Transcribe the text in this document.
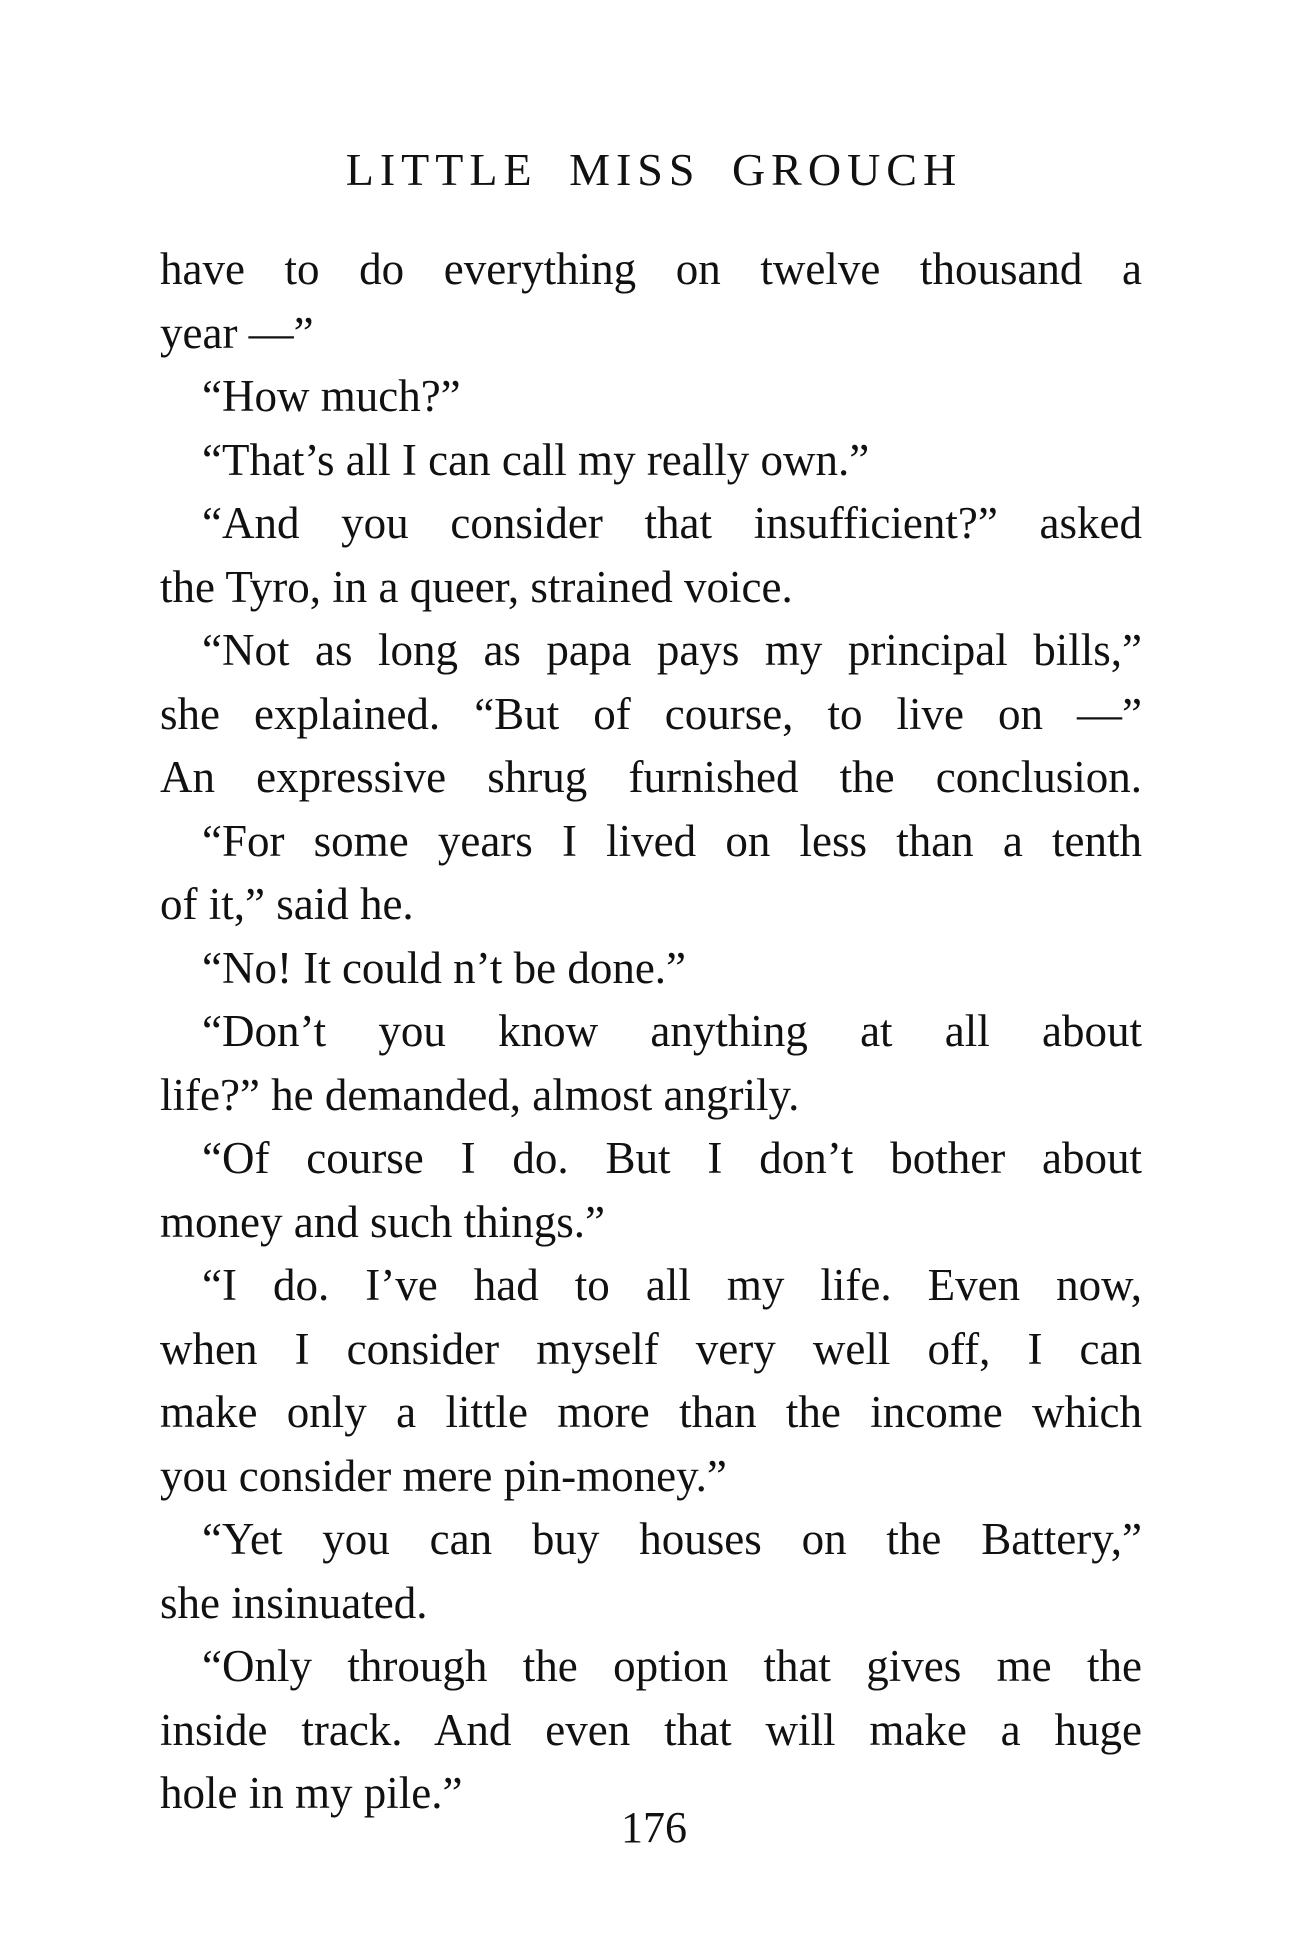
LITTLE MISS GROUCH
have to do everything on twelve thousand a
year —”
“How much?”
“That’s all I can call my really own.”
“And you consider that insufficient?” asked
the Tyro, in a queer, strained voice.
“Not as long as papa pays my principal bills,”
she explained. “But of course, to live on —”
An expressive shrug furnished the conclusion.
“For some years I lived on less than a tenth
of it,” said he.
“No! It could n’t be done.”
“Don’t you know anything at all about
life?” he demanded, almost angrily.
“Of course I do. But I don’t bother about
money and such things.”
“I do. I’ve had to all my life. Even now,
when I consider myself very well off, I can
make only a little more than the income which
you consider mere pin-money.”
“Yet you can buy houses on the Battery,”
she insinuated.
“Only through the option that gives me the
inside track. And even that will make a huge
hole in my pile.”
176
